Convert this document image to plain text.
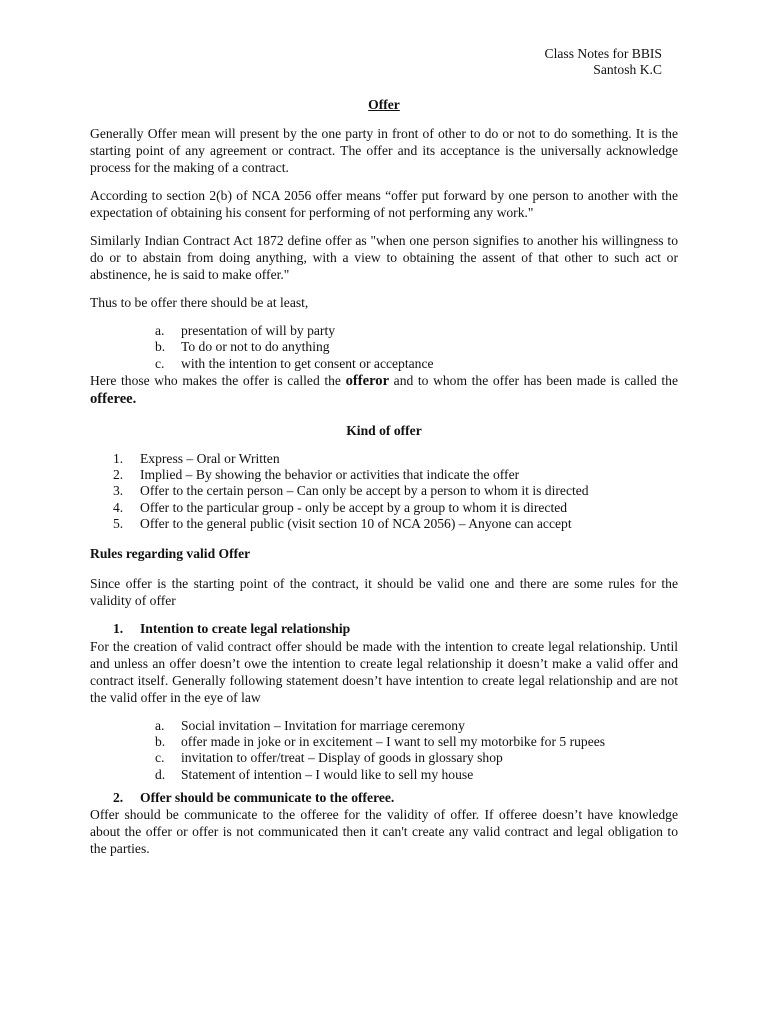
Class Notes for BBIS
Santosh K.C
Offer

Generally Offer mean will present by the one party in front of other to do or not to do something. It is the starting point of any agreement or contract. The offer and its acceptance is the universally acknowledge process for the making of a contract.

According to section 2(b) of NCA 2056 offer means “offer put forward by one person to another with the expectation of obtaining his consent for performing of not performing any work."

Similarly Indian Contract Act 1872 define offer as "when one person signifies to another his willingness to do or to abstain from doing anything, with a view to obtaining the assent of that other to such act or abstinence, he is said to make offer."

Thus to be offer there should be at least,

a.	presentation of will by party
b.	To do or not to do anything
c.	with the intention to get consent or acceptance

Here those who makes the offer is called the offeror and to whom the offer has been made is called the offeree.

Kind of offer
1.	Express – Oral or Written
2.	Implied – By showing the behavior or activities that indicate the offer
3.	Offer to the certain person – Can only be accept by a person to whom it is directed
4.	Offer to the particular group - only be accept by a group to whom it is directed
5.	Offer to the general public (visit section 10 of NCA 2056) – Anyone can accept
Rules regarding valid Offer

Since offer is the starting point of the contract, it should be valid one and there are some rules for the validity of offer

1.	Intention to create legal relationship

For the creation of valid contract offer should be made with the intention to create legal relationship. Until and unless an offer doesn’t owe the intention to create legal relationship it doesn’t make a valid offer and contract itself. Generally following statement doesn’t have intention to create legal relationship and are not the valid offer in the eye of law

a.	Social invitation – Invitation for marriage ceremony
b.	offer made in joke or in excitement – I want to sell my motorbike for 5 rupees
c.	invitation to offer/treat – Display of goods in glossary shop
d.	Statement of intention – I would like to sell my house
2.	Offer should be communicate to the offeree.

Offer should be communicate to the offeree for the validity of offer. If offeree doesn’t have knowledge about the offer or offer is not communicated then it can't create any valid contract and legal obligation to the parties.
